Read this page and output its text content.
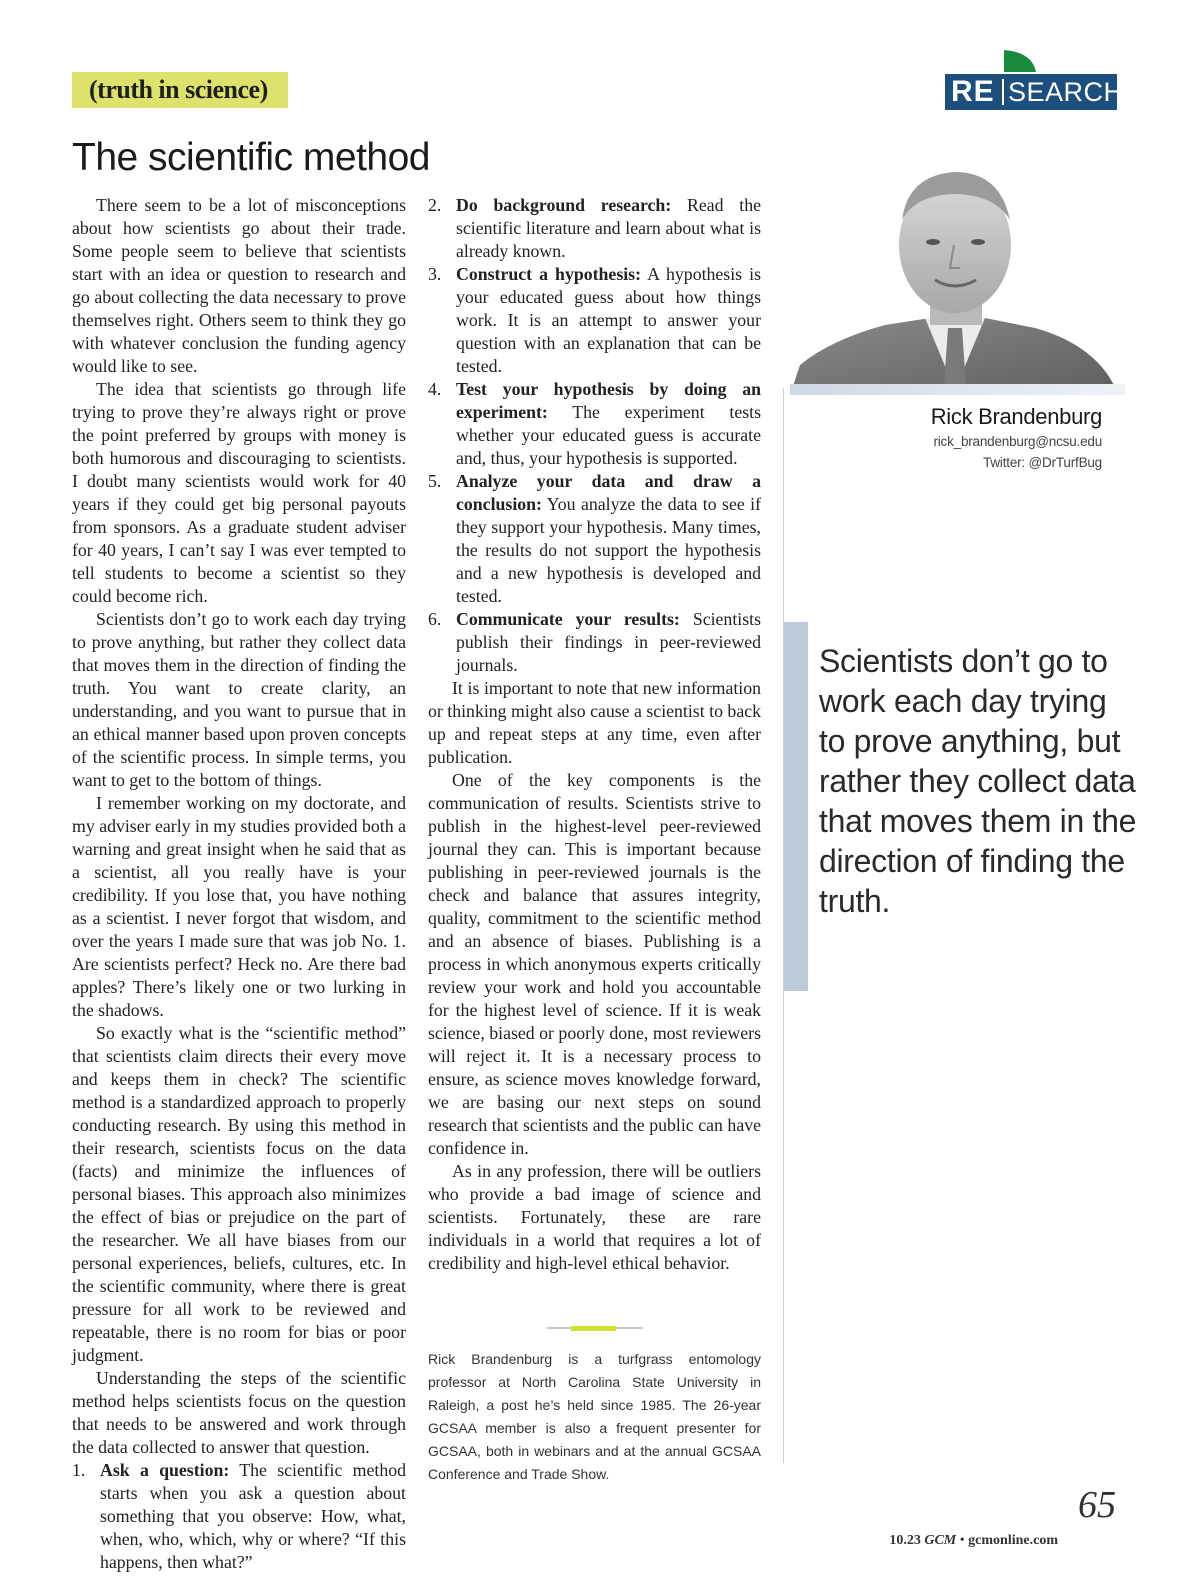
(truth in science)	RE SEARCH
The scientific method

There seem to be a lot of misconceptions about how scientists go about their trade. Some people seem to believe that scientists start with an idea or question to research and go about collecting the data necessary to prove themselves right. Others seem to think they go with whatever conclusion the funding agency would like to see.

The idea that scientists go through life trying to prove they’re always right or prove the point preferred by groups with money is both humorous and discouraging to scientists. I doubt many scientists would work for 40 years if they could get big personal payouts from sponsors. As a graduate student adviser for 40 years, I can’t say I was ever tempted to tell students to become a scientist so they could become rich.

Scientists don’t go to work each day trying to prove anything, but rather they collect data that moves them in the direction of finding the truth. You want to create clarity, an understanding, and you want to pursue that in an ethical manner based upon proven concepts of the scientific process. In simple terms, you want to get to the bottom of things.

I remember working on my doctorate, and my adviser early in my studies provided both a warning and great insight when he said that as a scientist, all you really have is your credibility. If you lose that, you have nothing as a scientist. I never forgot that wisdom, and over the years I made sure that was job No. 1. Are scientists perfect? Heck no. Are there bad apples? There’s likely one or two lurking in the shadows.

So exactly what is the “scientific method” that scientists claim directs their every move and keeps them in check? The scientific method is a standardized approach to properly conducting research. By using this method in their research, scientists focus on the data (facts) and minimize the influences of personal biases. This approach also minimizes the effect of bias or prejudice on the part of the researcher. We all have biases from our personal experiences, beliefs, cultures, etc. In the scientific community, where there is great pressure for all work to be reviewed and repeatable, there is no room for bias or poor judgment.

Understanding the steps of the scientific method helps scientists focus on the question that needs to be answered and work through the data collected to answer that question.

1. Ask a question: The scientific method starts when you ask a question about something that you observe: How, what, when, who, which, why or where? “If this happens, then what?”
2. Do background research: Read the scientific literature and learn about what is already known.
3. Construct a hypothesis: A hypothesis is your educated guess about how things work. It is an attempt to answer your question with an explanation that can be tested.
4. Test your hypothesis by doing an experiment: The experiment tests whether your educated guess is accurate and, thus, your hypothesis is supported.
5. Analyze your data and draw a conclusion: You analyze the data to see if they support your hypothesis. Many times, the results do not support the hypothesis and a new hypothesis is developed and tested.
6. Communicate your results: Scientists publish their findings in peer-reviewed journals.

It is important to note that new information or thinking might also cause a scientist to back up and repeat steps at any time, even after publication.

One of the key components is the communication of results. Scientists strive to publish in the highest-level peer-reviewed journal they can. This is important because publishing in peer-reviewed journals is the check and balance that assures integrity, quality, commitment to the scientific method and an absence of biases. Publishing is a process in which anonymous experts critically review your work and hold you accountable for the highest level of science. If it is weak science, biased or poorly done, most reviewers will reject it. It is a necessary process to ensure, as science moves knowledge forward, we are basing our next steps on sound research that scientists and the public can have confidence in.

As in any profession, there will be outliers who provide a bad image of science and scientists. Fortunately, these are rare individuals in a world that requires a lot of credibility and high-level ethical behavior.

Rick Brandenburg is a turfgrass entomology professor at North Carolina State University in Raleigh, a post he’s held since 1985. The 26-year GCSAA member is also a frequent presenter for GCSAA, both in webinars and at the annual GCSAA Conference and Trade Show.
Rick Brandenburg
rick_brandenburg@ncsu.edu
Twitter: @DrTurfBug
Scientists don’t go to work each day trying to prove anything, but rather they collect data that moves them in the direction of finding the truth.
10.23 GCM • gcmonline.com
65
